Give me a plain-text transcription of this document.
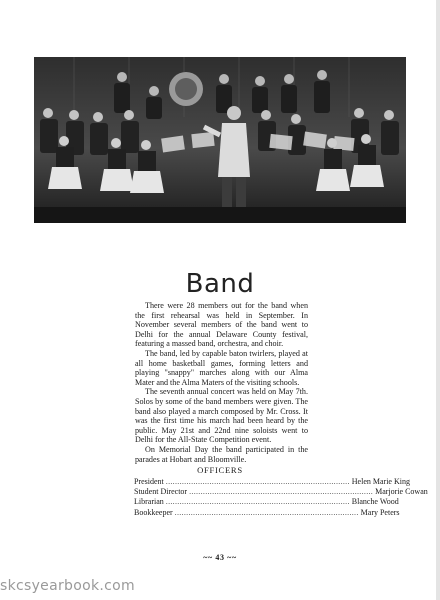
Band

There were 28 members out for the band when the first rehearsal was held in September. In November several members of the band went to Delhi for the annual Delaware County festival, featuring a massed band, orchestra, and choir.

The band, led by capable baton twirlers, played at all home basketball games, forming letters and playing "snappy" marches along with our Alma Mater and the Alma Maters of the visiting schools.

The seventh annual concert was held on May 7th. Solos by some of the band members were given. The band also played a march composed by Mr. Cross. It was the first time his march had been heard by the public. May 21st and 22nd nine soloists went to Delhi for the All-State Competition event.

On Memorial Day the band participated in the parades at Hobart and Bloomville.

OFFICERS
President ................................................................................ Helen Marie King
Student Director ................................................................................ Marjorie Cowan
Librarian ................................................................................ Blanche Wood
Bookkeeper ................................................................................ Mary Peters
~~ 43 ~~
skcsyearbook.com
